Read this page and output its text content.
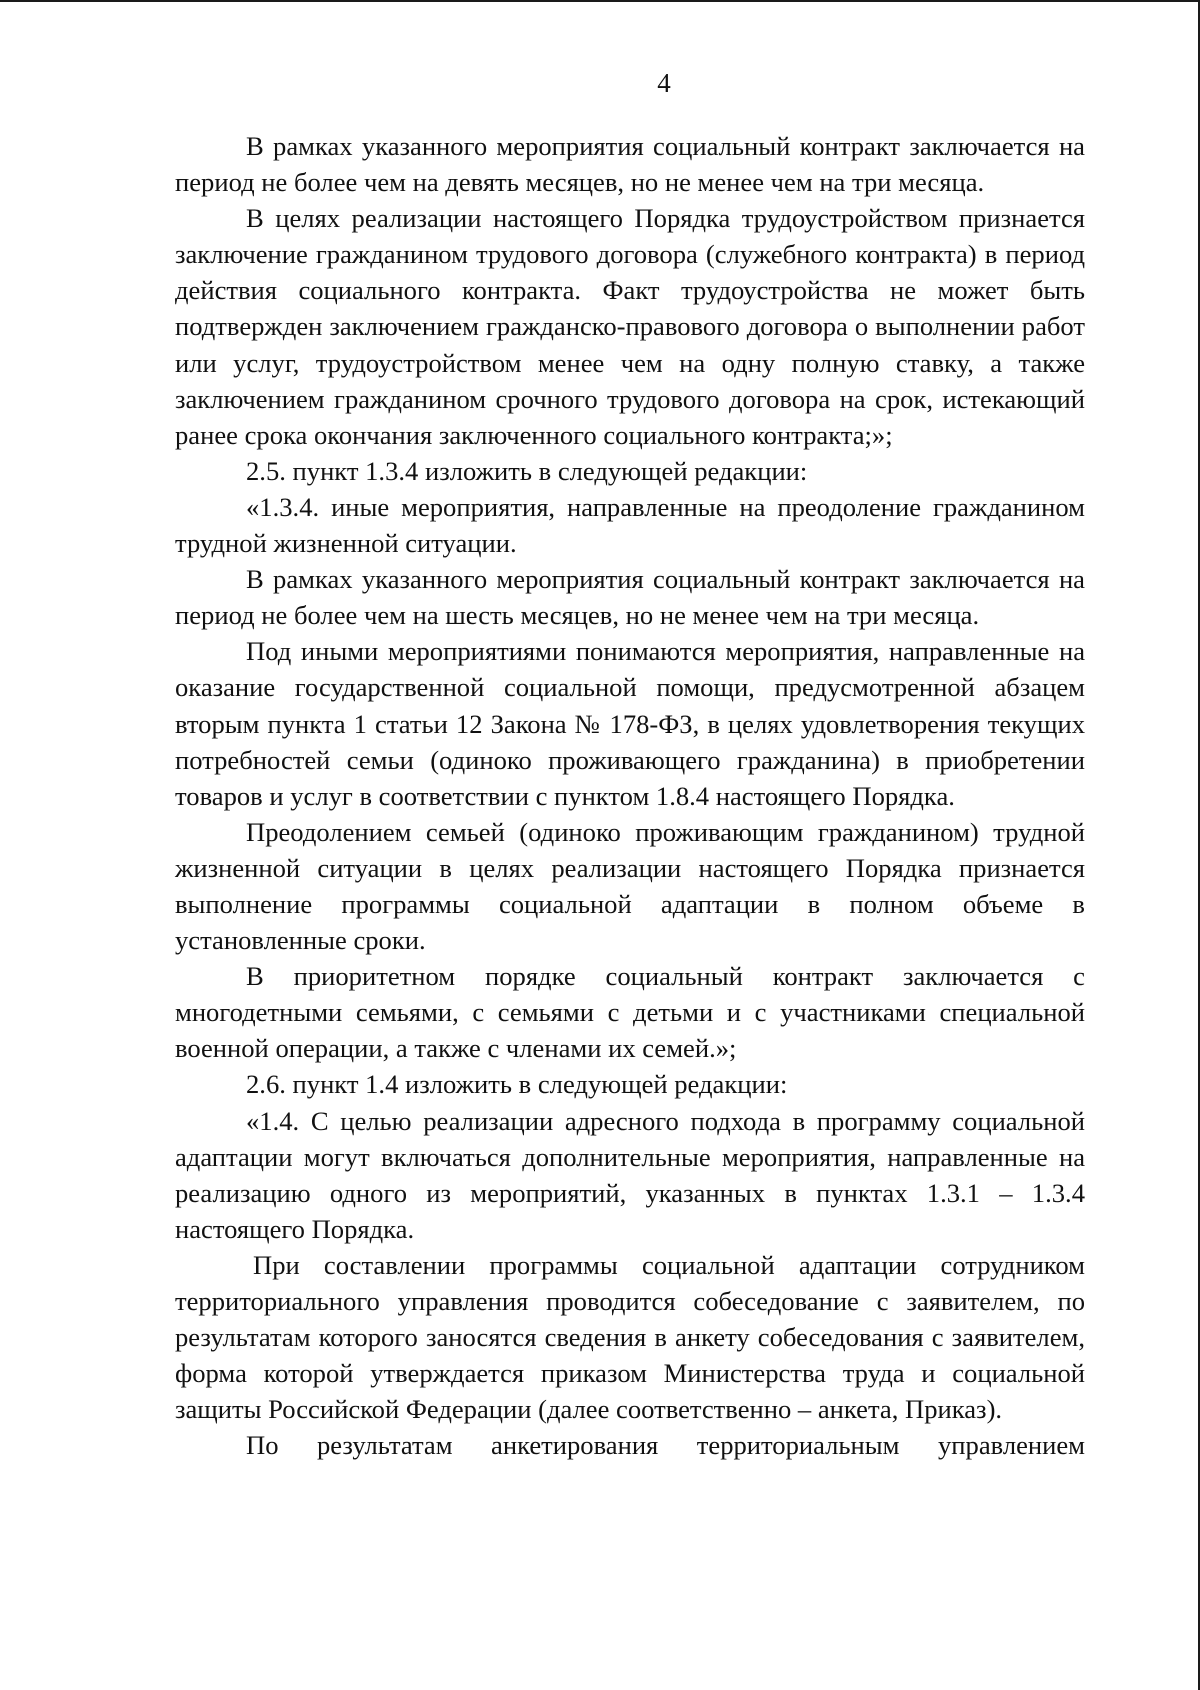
4

В рамках указанного мероприятия социальный контракт заключается на период не более чем на девять месяцев, но не менее чем на три месяца.

В целях реализации настоящего Порядка трудоустройством признается заключение гражданином трудового договора (служебного контракта) в период действия социального контракта. Факт трудоустройства не может быть подтвержден заключением гражданско-правового договора о выполнении работ или услуг, трудоустройством менее чем на одну полную ставку, а также заключением гражданином срочного трудового договора на срок, истекающий ранее срока окончания заключенного социального контракта;»;

2.5. пункт 1.3.4 изложить в следующей редакции:

«1.3.4. иные мероприятия, направленные на преодоление гражданином трудной жизненной ситуации.

В рамках указанного мероприятия социальный контракт заключается на период не более чем на шесть месяцев, но не менее чем на три месяца.

Под иными мероприятиями понимаются мероприятия, направленные на оказание государственной социальной помощи, предусмотренной абзацем вторым пункта 1 статьи 12 Закона № 178-ФЗ, в целях удовлетворения текущих потребностей семьи (одиноко проживающего гражданина) в приобретении товаров и услуг в соответствии с пунктом 1.8.4 настоящего Порядка.

Преодолением семьей (одиноко проживающим гражданином) трудной жизненной ситуации в целях реализации настоящего Порядка признается выполнение программы социальной адаптации в полном объеме в установленные сроки.

В приоритетном порядке социальный контракт заключается с многодетными семьями, с семьями с детьми и с участниками специальной военной операции, а также с членами их семей.»;

2.6. пункт 1.4 изложить в следующей редакции:

«1.4. С целью реализации адресного подхода в программу социальной адаптации могут включаться дополнительные мероприятия, направленные на реализацию одного из мероприятий, указанных в пунктах 1.3.1 – 1.3.4 настоящего Порядка.

При составлении программы социальной адаптации сотрудником территориального управления проводится собеседование с заявителем, по результатам которого заносятся сведения в анкету собеседования с заявителем, форма которой утверждается приказом Министерства труда и социальной защиты Российской Федерации (далее соответственно – анкета, Приказ).

По результатам анкетирования территориальным управлением
